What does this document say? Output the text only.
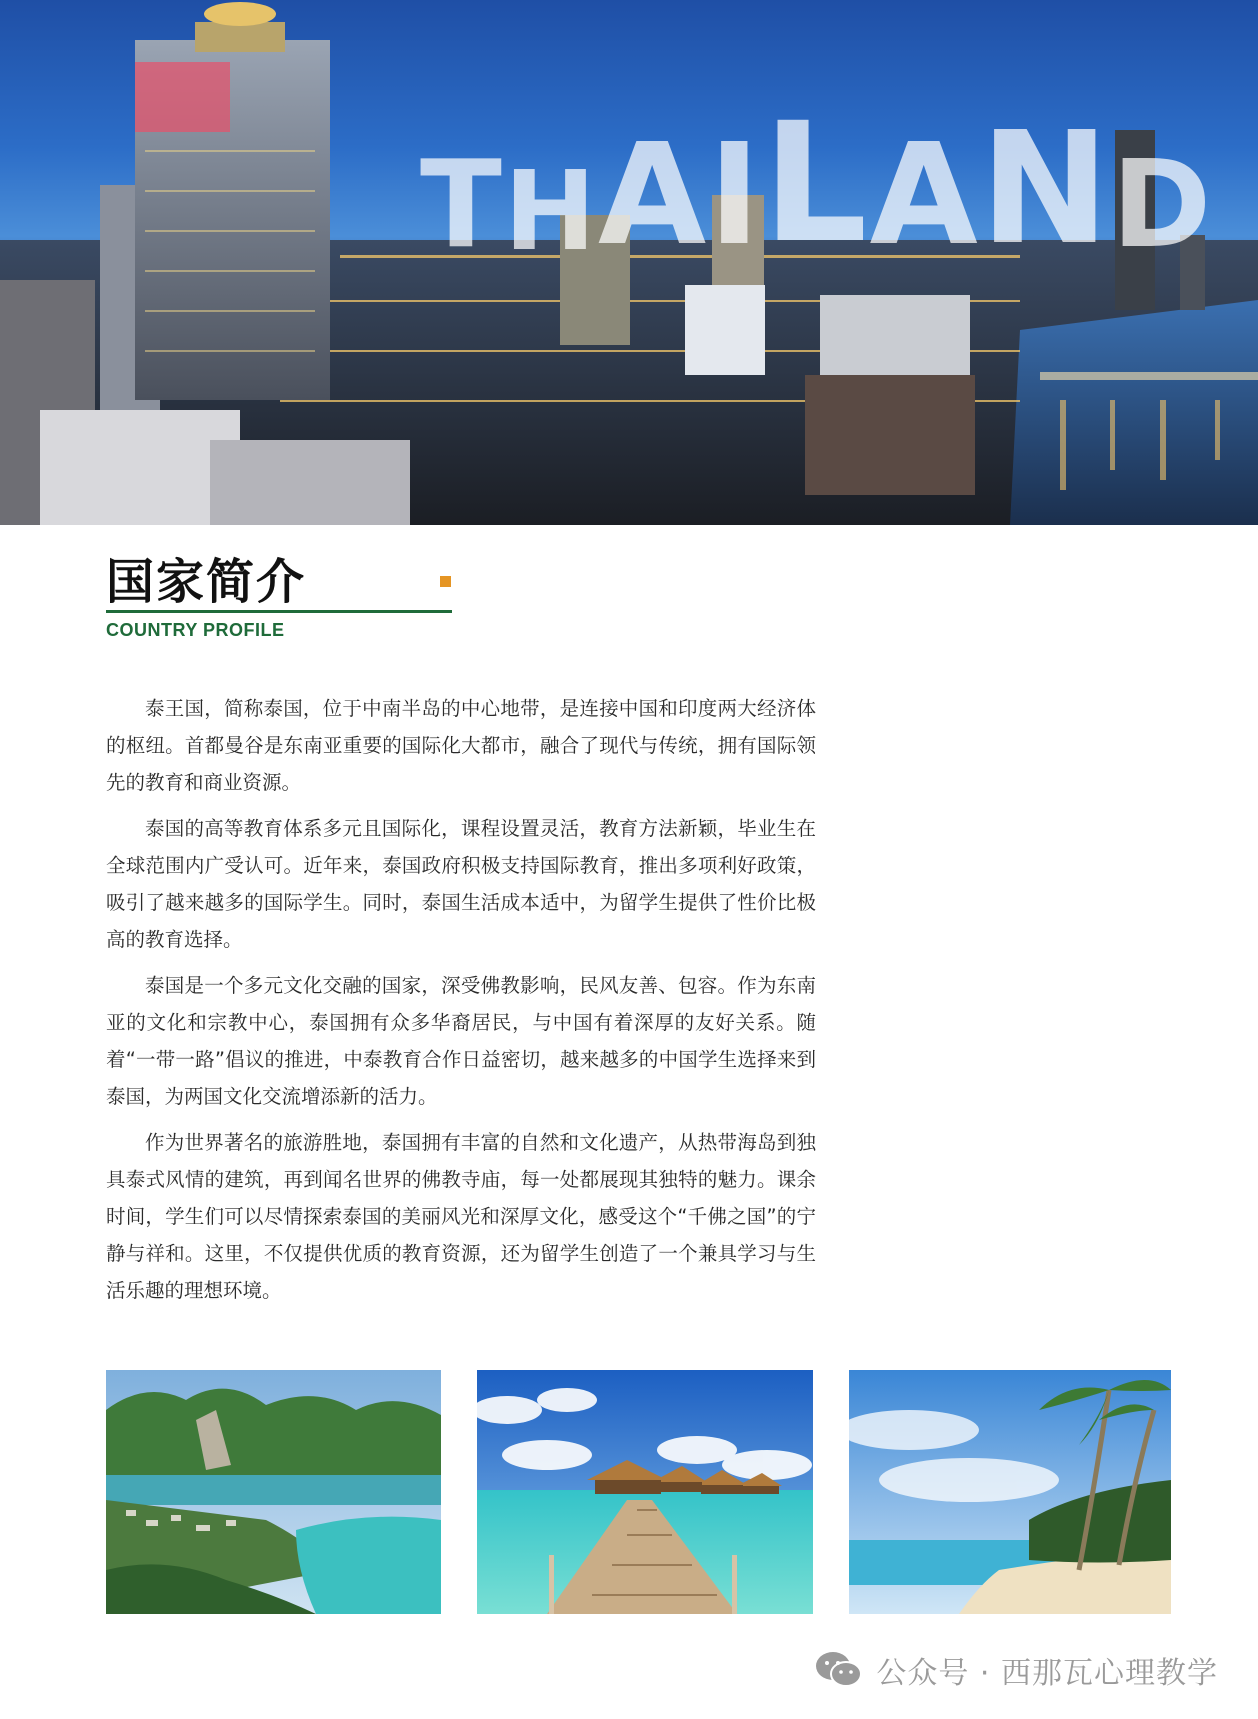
T H A I L A N D
国家简介
COUNTRY PROFILE

泰王国，简称泰国，位于中南半岛的中心地带，是连接中国和印度两大经济体的枢纽。首都曼谷是东南亚重要的国际化大都市，融合了现代与传统，拥有国际领先的教育和商业资源。

泰国的高等教育体系多元且国际化，课程设置灵活，教育方法新颖，毕业生在全球范围内广受认可。近年来，泰国政府积极支持国际教育，推出多项利好政策，吸引了越来越多的国际学生。同时，泰国生活成本适中，为留学生提供了性价比极高的教育选择。

泰国是一个多元文化交融的国家，深受佛教影响，民风友善、包容。作为东南亚的文化和宗教中心，泰国拥有众多华裔居民，与中国有着深厚的友好关系。随着“一带一路”倡议的推进，中泰教育合作日益密切，越来越多的中国学生选择来到泰国，为两国文化交流增添新的活力。

作为世界著名的旅游胜地，泰国拥有丰富的自然和文化遗产，从热带海岛到独具泰式风情的建筑，再到闻名世界的佛教寺庙，每一处都展现其独特的魅力。课余时间，学生们可以尽情探索泰国的美丽风光和深厚文化，感受这个“千佛之国”的宁静与祥和。这里，不仅提供优质的教育资源，还为留学生创造了一个兼具学习与生活乐趣的理想环境。

公众号 · 西那瓦心理教学
